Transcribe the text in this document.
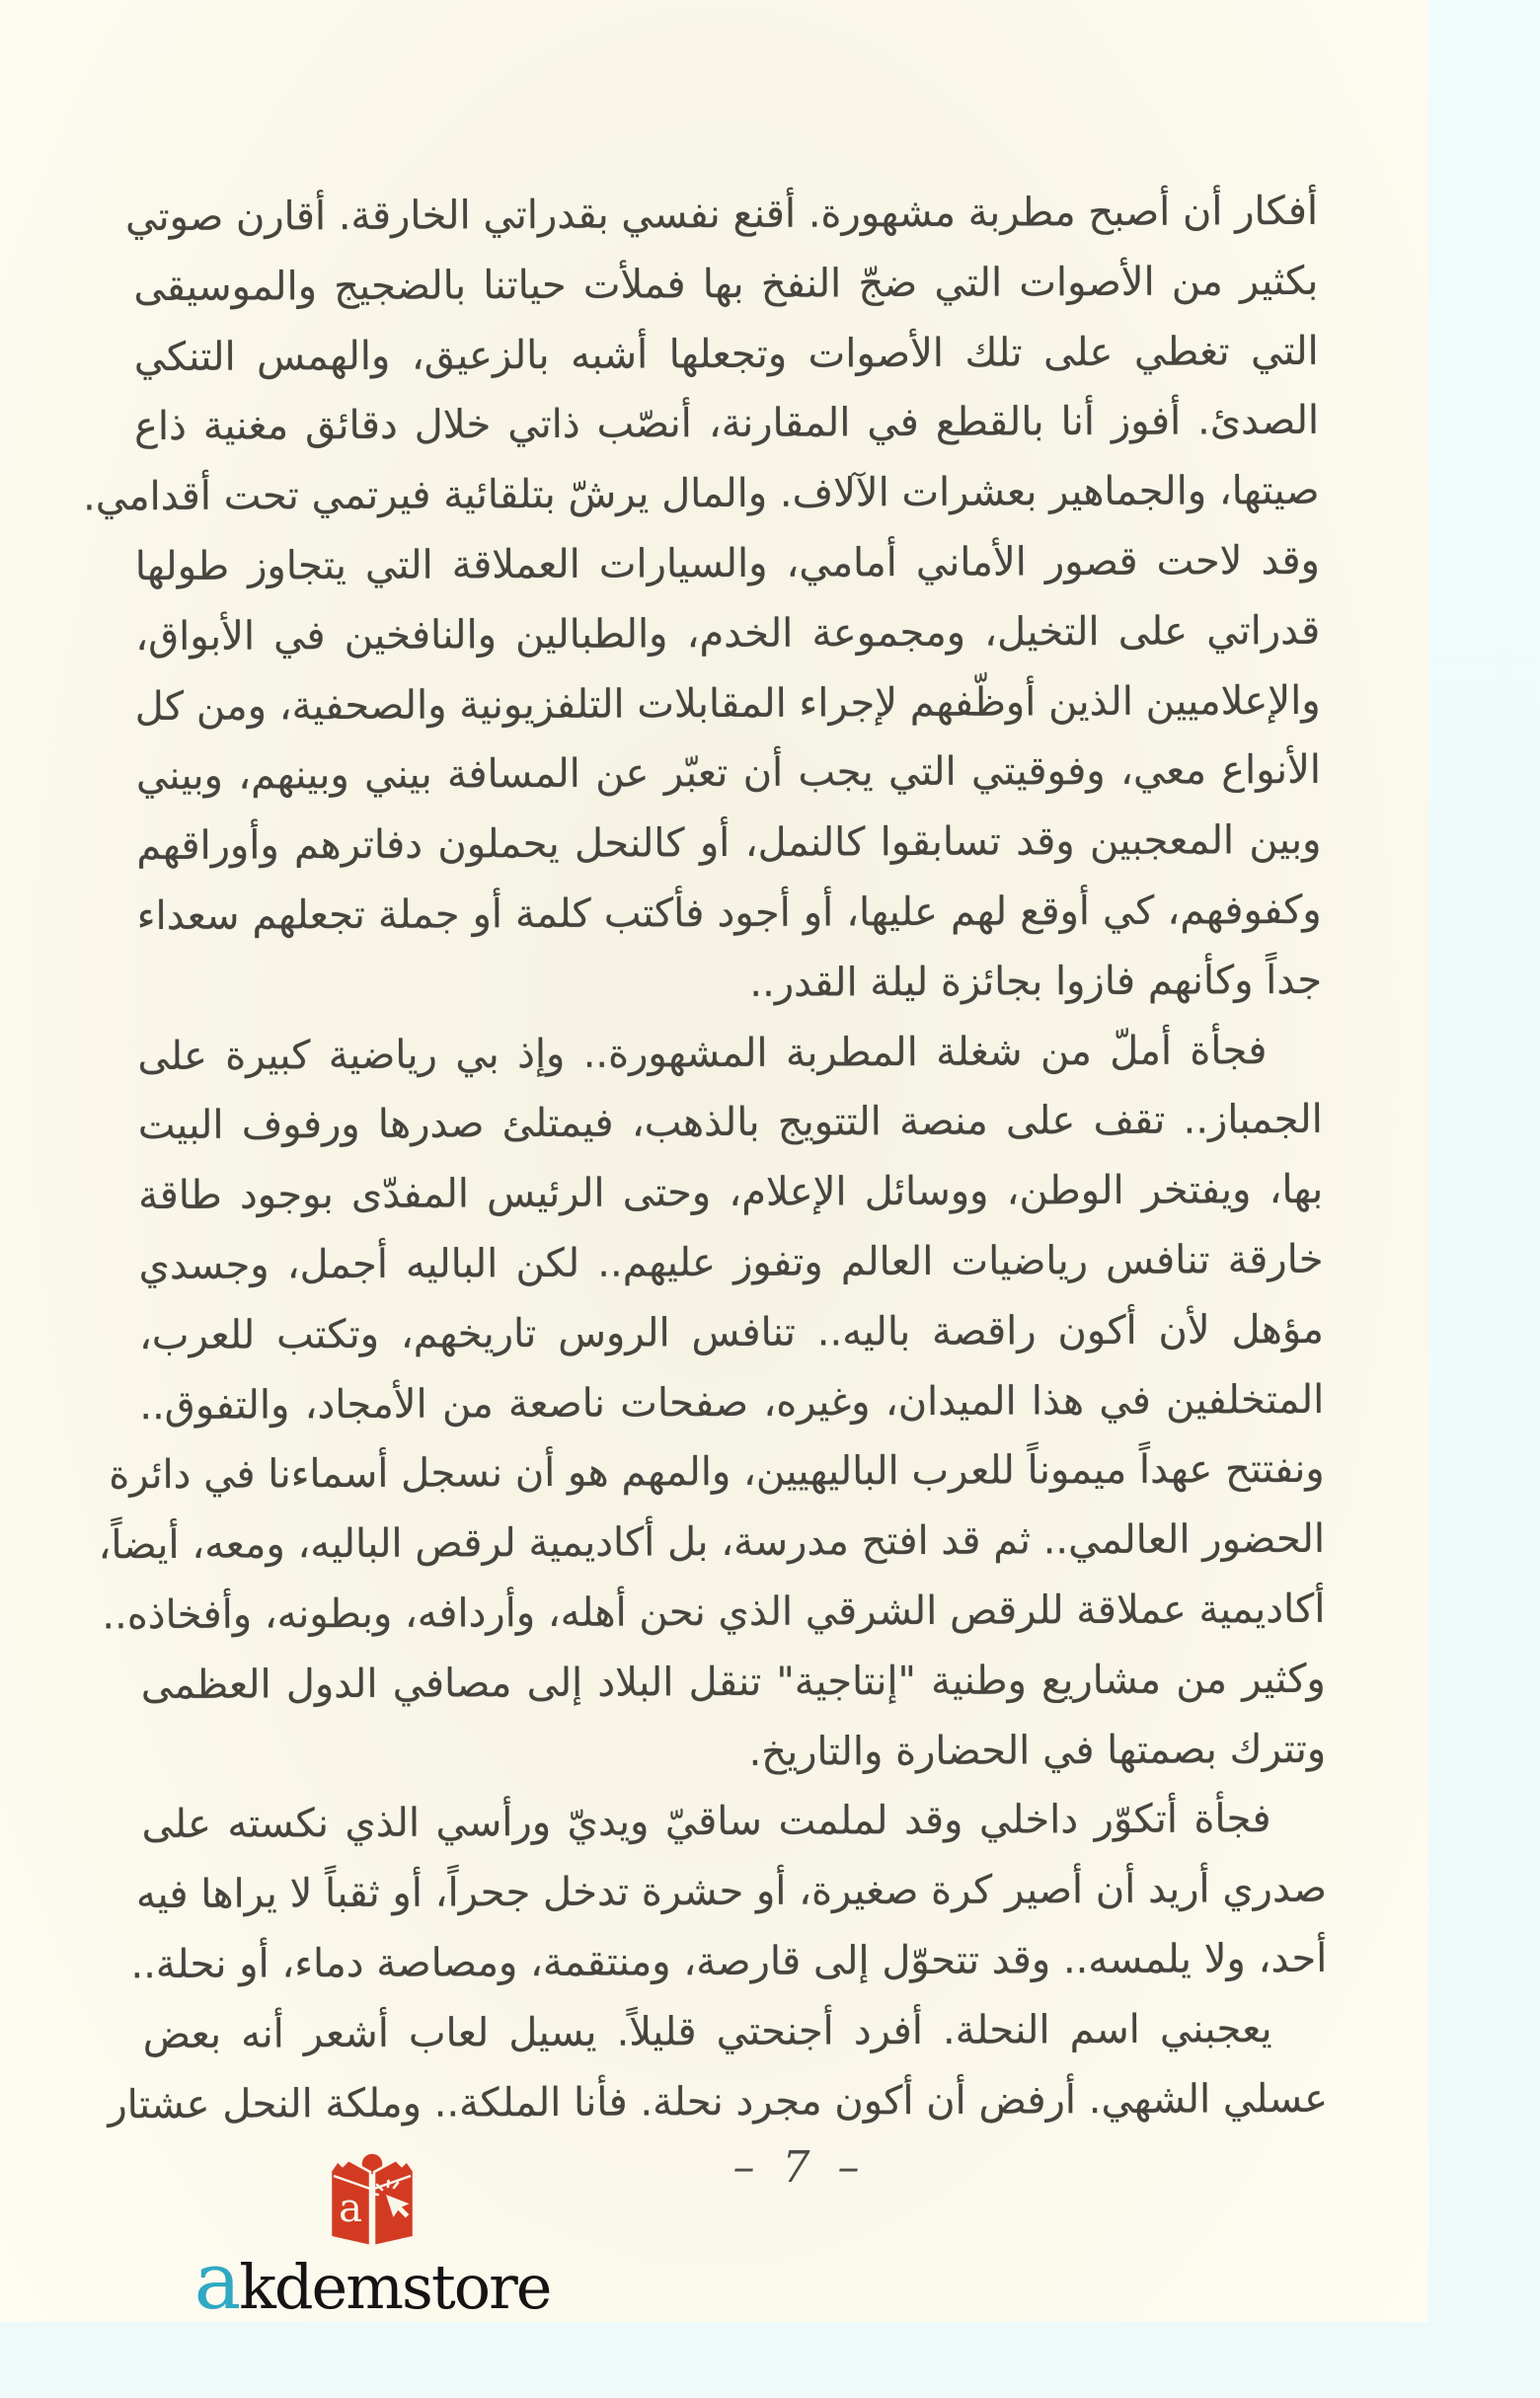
أفكار أن أصبح مطربة مشهورة. أقنع نفسي بقدراتي الخارقة. أقارن صوتي
بكثير من الأصوات التي ضجّ النفخ بها فملأت حياتنا بالضجيج والموسيقى
التي تغطي على تلك الأصوات وتجعلها أشبه بالزعيق، والهمس التنكي
الصدئ. أفوز أنا بالقطع في المقارنة، أنصّب ذاتي خلال دقائق مغنية ذاع
صيتها، والجماهير بعشرات الآلاف. والمال يرشّ بتلقائية فيرتمي تحت أقدامي.
وقد لاحت قصور الأماني أمامي، والسيارات العملاقة التي يتجاوز طولها
قدراتي على التخيل، ومجموعة الخدم، والطبالين والنافخين في الأبواق،
والإعلاميين الذين أوظّفهم لإجراء المقابلات التلفزيونية والصحفية، ومن كل
الأنواع معي، وفوقيتي التي يجب أن تعبّر عن المسافة بيني وبينهم، وبيني
وبين المعجبين وقد تسابقوا كالنمل، أو كالنحل يحملون دفاترهم وأوراقهم
وكفوفهم، كي أوقع لهم عليها، أو أجود فأكتب كلمة أو جملة تجعلهم سعداء
جداً وكأنهم فازوا بجائزة ليلة القدر..
فجأة أملّ من شغلة المطربة المشهورة.. وإذ بي رياضية كبيرة على
الجمباز.. تقف على منصة التتويج بالذهب، فيمتلئ صدرها ورفوف البيت
بها، ويفتخر الوطن، ووسائل الإعلام، وحتى الرئيس المفدّى بوجود طاقة
خارقة تنافس رياضيات العالم وتفوز عليهم.. لكن الباليه أجمل، وجسدي
مؤهل لأن أكون راقصة باليه.. تنافس الروس تاريخهم، وتكتب للعرب،
المتخلفين في هذا الميدان، وغيره، صفحات ناصعة من الأمجاد، والتفوق..
ونفتتح عهداً ميموناً للعرب الباليهيين، والمهم هو أن نسجل أسماءنا في دائرة
الحضور العالمي.. ثم قد افتح مدرسة، بل أكاديمية لرقص الباليه، ومعه، أيضاً،
أكاديمية عملاقة للرقص الشرقي الذي نحن أهله، وأردافه، وبطونه، وأفخاذه..
وكثير من مشاريع وطنية "إنتاجية" تنقل البلاد إلى مصافي الدول العظمى
وتترك بصمتها في الحضارة والتاريخ.
فجأة أتكوّر داخلي وقد لملمت ساقيّ ويديّ ورأسي الذي نكسته على
صدري أريد أن أصير كرة صغيرة، أو حشرة تدخل جحراً، أو ثقباً لا يراها فيه
أحد، ولا يلمسه.. وقد تتحوّل إلى قارصة، ومنتقمة، ومصاصة دماء، أو نحلة..
يعجبني اسم النحلة. أفرد أجنحتي قليلاً. يسيل لعاب أشعر أنه بعض
عسلي الشهي. أرفض أن أكون مجرد نحلة. فأنا الملكة.. وملكة النحل عشتار
– 7 –
a
akdemstore
